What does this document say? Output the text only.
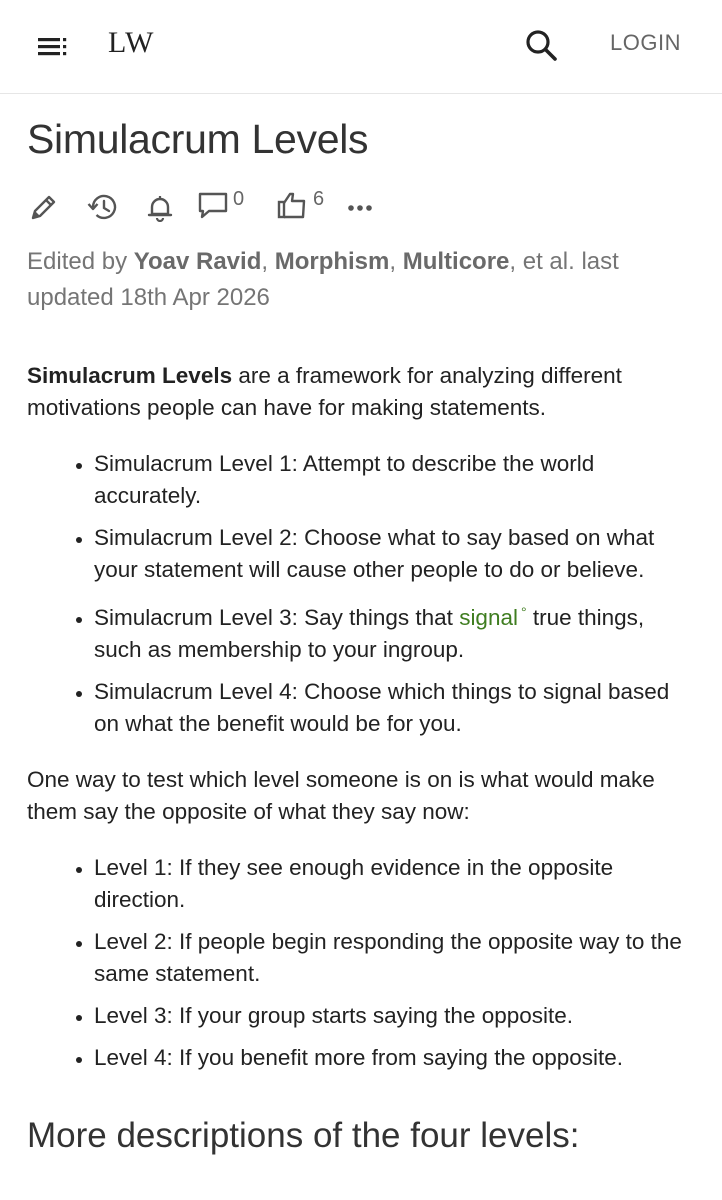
LW	LOGIN
Simulacrum Levels
0	6
Edited by Yoav Ravid, Morphism, Multicore, et al. last updated 18th Apr 2026

Simulacrum Levels are a framework for analyzing different motivations people can have for making statements.

• Simulacrum Level 1: Attempt to describe the world accurately.
• Simulacrum Level 2: Choose what to say based on what your statement will cause other people to do or believe.
• Simulacrum Level 3: Say things that signal ° true things, such as membership to your ingroup.
• Simulacrum Level 4: Choose which things to signal based on what the benefit would be for you.

One way to test which level someone is on is what would make them say the opposite of what they say now:

• Level 1: If they see enough evidence in the opposite direction.
• Level 2: If people begin responding the opposite way to the same statement.
• Level 3: If your group starts saying the opposite.
• Level 4: If you benefit more from saying the opposite.
More descriptions of the four levels:
